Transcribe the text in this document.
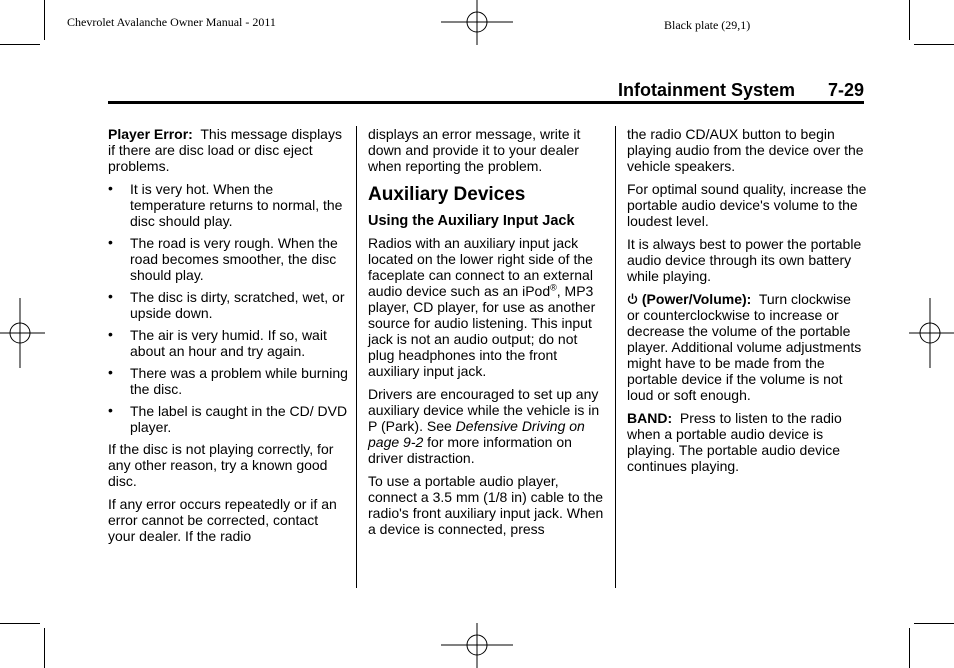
Chevrolet Avalanche Owner Manual - 2011	Black plate (29,1)
Infotainment System 7-29

Player Error: This message displays if there are disc load or disc eject problems.

• It is very hot. When the temperature returns to normal, the disc should play.
• The road is very rough. When the road becomes smoother, the disc should play.
• The disc is dirty, scratched, wet, or upside down.
• The air is very humid. If so, wait about an hour and try again.
• There was a problem while burning the disc.
• The label is caught in the CD/ DVD player.

If the disc is not playing correctly, for any other reason, try a known good disc.

If any error occurs repeatedly or if an error cannot be corrected, contact your dealer. If the radio

displays an error message, write it down and provide it to your dealer when reporting the problem.

Auxiliary Devices
Using the Auxiliary Input Jack

Radios with an auxiliary input jack located on the lower right side of the faceplate can connect to an external audio device such as an iPod®, MP3 player, CD player, for use as another source for audio listening. This input jack is not an audio output; do not plug headphones into the front auxiliary input jack.

Drivers are encouraged to set up any auxiliary device while the vehicle is in P (Park). See Defensive Driving on page 9-2 for more information on driver distraction.

To use a portable audio player, connect a 3.5 mm (1/8 in) cable to the radio's front auxiliary input jack. When a device is connected, press

the radio CD/AUX button to begin playing audio from the device over the vehicle speakers.

For optimal sound quality, increase the portable audio device's volume to the loudest level.

It is always best to power the portable audio device through its own battery while playing.

(Power/Volume): Turn clockwise or counterclockwise to increase or decrease the volume of the portable player. Additional volume adjustments might have to be made from the portable device if the volume is not loud or soft enough.

BAND: Press to listen to the radio when a portable audio device is playing. The portable audio device continues playing.
